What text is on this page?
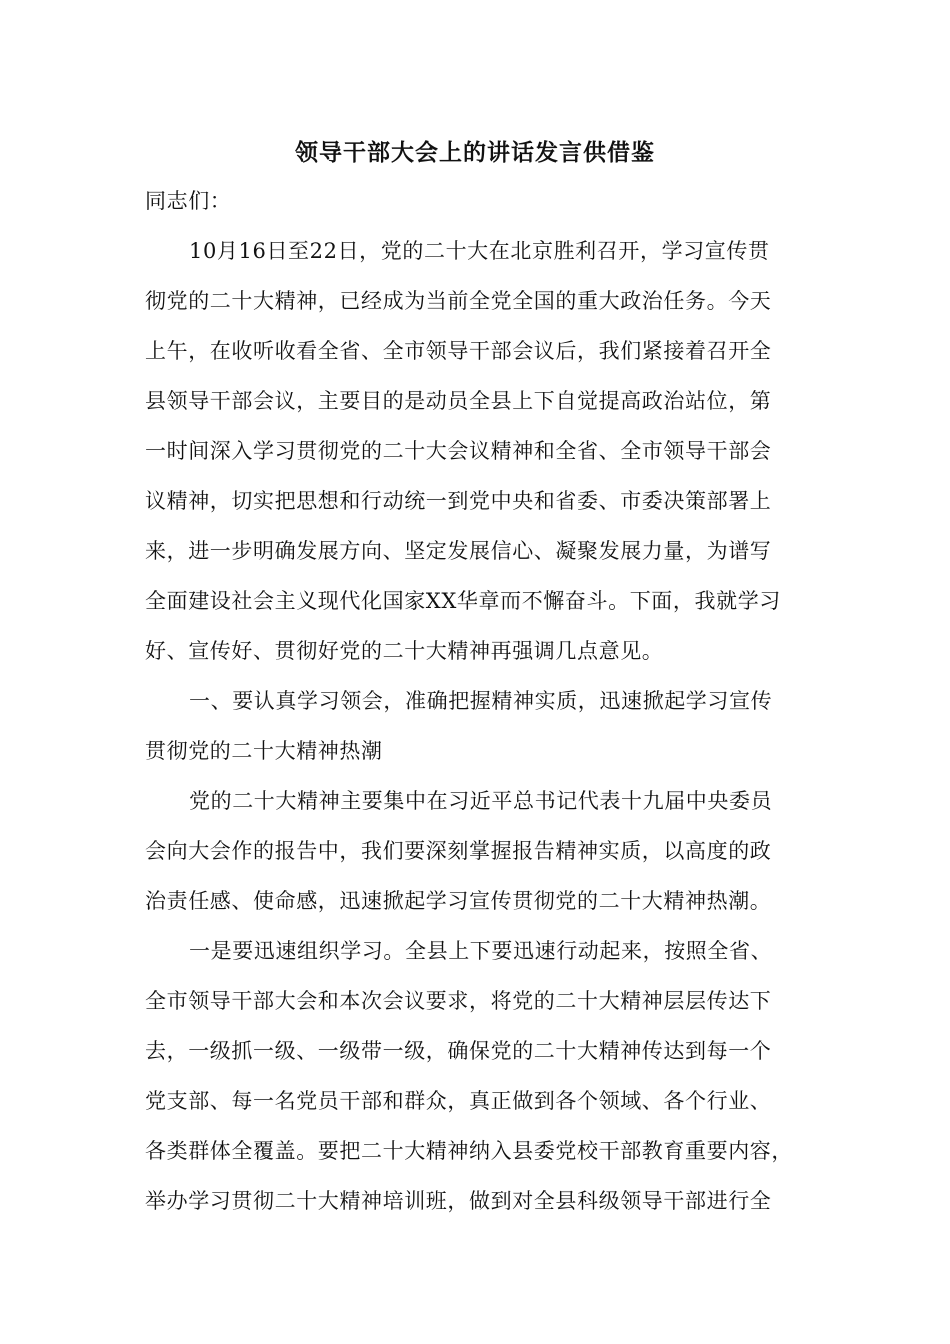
领导干部大会上的讲话发言供借鉴
同志们：
10月16日至22日，党的二十大在北京胜利召开，学习宣传贯
彻党的二十大精神，已经成为当前全党全国的重大政治任务。今天
上午，在收听收看全省、全市领导干部会议后，我们紧接着召开全
县领导干部会议，主要目的是动员全县上下自觉提高政治站位，第
一时间深入学习贯彻党的二十大会议精神和全省、全市领导干部会
议精神，切实把思想和行动统一到党中央和省委、市委决策部署上
来，进一步明确发展方向、坚定发展信心、凝聚发展力量，为谱写
全面建设社会主义现代化国家XX华章而不懈奋斗。下面，我就学习
好、宣传好、贯彻好党的二十大精神再强调几点意见。
一、要认真学习领会，准确把握精神实质，迅速掀起学习宣传
贯彻党的二十大精神热潮
党的二十大精神主要集中在习近平总书记代表十九届中央委员
会向大会作的报告中，我们要深刻掌握报告精神实质，以高度的政
治责任感、使命感，迅速掀起学习宣传贯彻党的二十大精神热潮。
一是要迅速组织学习。全县上下要迅速行动起来，按照全省、
全市领导干部大会和本次会议要求，将党的二十大精神层层传达下
去，一级抓一级、一级带一级，确保党的二十大精神传达到每一个
党支部、每一名党员干部和群众，真正做到各个领域、各个行业、
各类群体全覆盖。要把二十大精神纳入县委党校干部教育重要内容，
举办学习贯彻二十大精神培训班，做到对全县科级领导干部进行全
